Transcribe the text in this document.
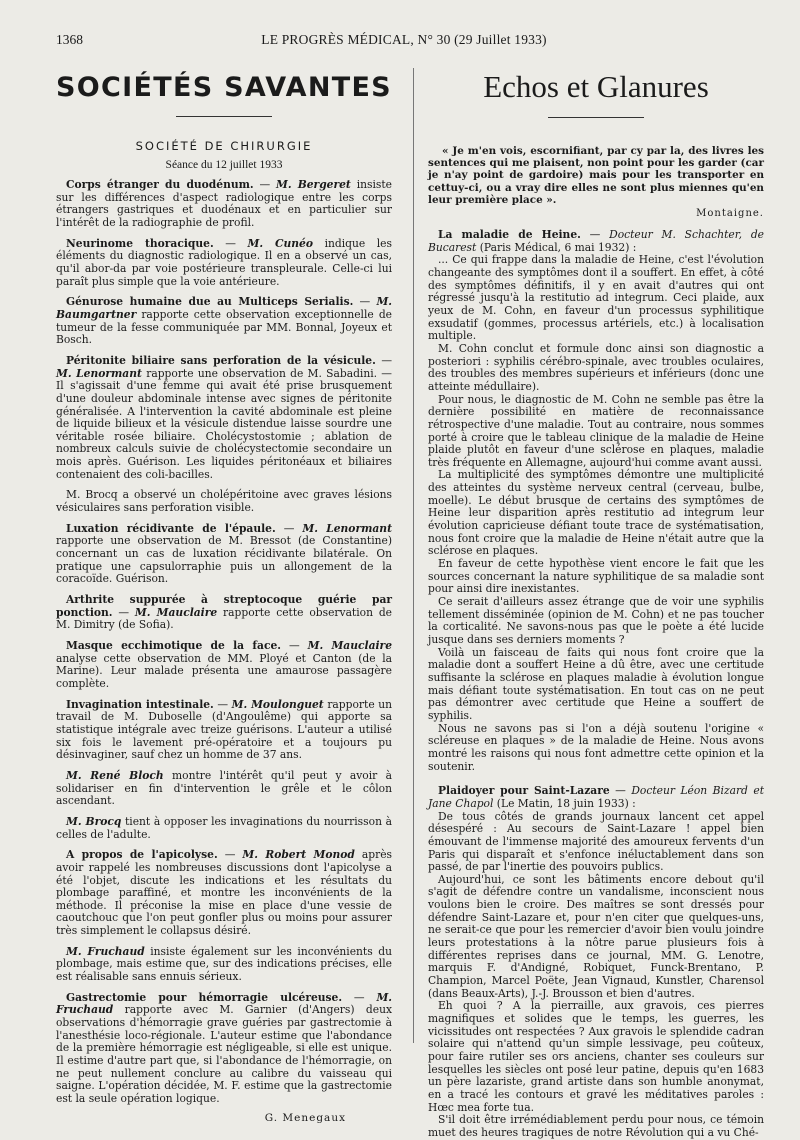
1368	LE PROGRÈS MÉDICAL, N° 30 (29 Juillet 1933)
SOCIÉTÉS SAVANTES
SOCIÉTÉ DE CHIRURGIE
Séance du 12 juillet 1933

Corps étranger du duodénum. — M. Bergeret insiste sur les différences d'aspect radiologique entre les corps étrangers gastriques et duodénaux et en particulier sur l'intérêt de la radiographie de profil.

Neurinome thoracique. — M. Cunéo indique les éléments du diagnostic radiologique. Il en a observé un cas, qu'il abor-da par voie postérieure transpleurale. Celle-ci lui paraît plus simple que la voie antérieure.

Génurose humaine due au Multiceps Serialis. — M. Baumgartner rapporte cette observation exceptionnelle de tumeur de la fesse communiquée par MM. Bonnal, Joyeux et Bosch.

Péritonite biliaire sans perforation de la vésicule. — M. Lenormant rapporte une observation de M. Sabadini. — Il s'agissait d'une femme qui avait été prise brusquement d'une douleur abdominale intense avec signes de péritonite généralisée. A l'intervention la cavité abdominale est pleine de liquide bilieux et la vésicule distendue laisse sourdre une véritable rosée biliaire. Cholécystostomie ; ablation de nombreux calculs suivie de cholécystectomie secondaire un mois après. Guérison. Les liquides péritonéaux et biliaires contenaient des coli-bacilles.

M. Brocq a observé un cholépéritoine avec graves lésions vésiculaires sans perforation visible.

Luxation récidivante de l'épaule. — M. Lenormant rapporte une observation de M. Bressot (de Constantine) concernant un cas de luxation récidivante bilatérale. On pratique une capsulorraphie puis un allongement de la coracoïde. Guérison.

Arthrite suppurée à streptocoque guérie par ponction. — M. Mauclaire rapporte cette observation de M. Dimitry (de Sofia).

Masque ecchimotique de la face. — M. Mauclaire analyse cette observation de MM. Ployé et Canton (de la Marine). Leur malade présenta une amaurose passagère complète.

Invagination intestinale. — M. Moulonguet rapporte un travail de M. Duboselle (d'Angoulême) qui apporte sa statistique intégrale avec treize guérisons. L'auteur a utilisé six fois le lavement pré-opératoire et a toujours pu désinvaginer, sauf chez un homme de 37 ans.

M. René Bloch montre l'intérêt qu'il peut y avoir à solidariser en fin d'intervention le grêle et le côlon ascendant.

M. Brocq tient à opposer les invaginations du nourrisson à celles de l'adulte.

A propos de l'apicolyse. — M. Robert Monod après avoir rappelé les nombreuses discussions dont l'apicolyse a été l'objet, discute les indications et les résultats du plombage paraffiné, et montre les inconvénients de la méthode. Il préconise la mise en place d'une vessie de caoutchouc que l'on peut gonfler plus ou moins pour assurer très simplement le collapsus désiré.

M. Fruchaud insiste également sur les inconvénients du plombage, mais estime que, sur des indications précises, elle est réalisable sans ennuis sérieux.

Gastrectomie pour hémorragie ulcéreuse. — M. Fruchaud rapporte avec M. Garnier (d'Angers) deux observations d'hémorragie grave guéries par gastrectomie à l'anesthésie loco-régionale. L'auteur estime que l'abondance de la première hémorragie est négligeable, si elle est unique. Il estime d'autre part que, si l'abondance de l'hémorragie, on ne peut nullement conclure au calibre du vaisseau qui saigne. L'opération décidée, M. F. estime que la gastrectomie est la seule opération logique.

G. Menegaux
Echos et Glanures

« Je m'en vois, escornifiant, par cy par la, des livres les sentences qui me plaisent, non point pour les garder (car je n'ay point de gardoire) mais pour les transporter en cettuy-ci, ou a vray dire elles ne sont plus miennes qu'en leur première place ».

Montaigne.

La maladie de Heine. — Docteur M. Schachter, de Bucarest (Paris Médical, 6 mai 1932) :

... Ce qui frappe dans la maladie de Heine, c'est l'évolution changeante des symptômes dont il a souffert. En effet, à côté des symptômes définitifs, il y en avait d'autres qui ont régressé jusqu'à la restitutio ad integrum. Ceci plaide, aux yeux de M. Cohn, en faveur d'un processus syphilitique exsudatif (gommes, processus artériels, etc.) à localisation multiple.

M. Cohn conclut et formule donc ainsi son diagnostic a posteriori : syphilis cérébro-spinale, avec troubles oculaires, des troubles des membres supérieurs et inférieurs (donc une atteinte médullaire).

Pour nous, le diagnostic de M. Cohn ne semble pas être la dernière possibilité en matière de reconnaissance rétrospective d'une maladie. Tout au contraire, nous sommes porté à croire que le tableau clinique de la maladie de Heine plaide plutôt en faveur d'une sclérose en plaques, maladie très fréquente en Allemagne, aujourd'hui comme avant aussi.

La multiplicité des symptômes démontre une multiplicité des atteintes du système nerveux central (cerveau, bulbe, moelle). Le début brusque de certains des symptômes de Heine leur disparition après restitutio ad integrum leur évolution capricieuse défiant toute trace de systématisation, nous font croire que la maladie de Heine n'était autre que la sclérose en plaques.

En faveur de cette hypothèse vient encore le fait que les sources concernant la nature syphilitique de sa maladie sont pour ainsi dire inexistantes.

Ce serait d'ailleurs assez étrange que de voir une syphilis tellement disséminée (opinion de M. Cohn) et ne pas toucher la corticalité. Ne savons-nous pas que le poète a été lucide jusque dans ses derniers moments ?

Voilà un faisceau de faits qui nous font croire que la maladie dont a souffert Heine a dû être, avec une certitude suffisante la sclérose en plaques maladie à évolution longue mais défiant toute systématisation. En tout cas on ne peut pas démontrer avec certitude que Heine a souffert de syphilis.

Nous ne savons pas si l'on a déjà soutenu l'origine « scléreuse en plaques » de la maladie de Heine. Nous avons montré les raisons qui nous font admettre cette opinion et la soutenir.

Plaidoyer pour Saint-Lazare — Docteur Léon Bizard et Jane Chapol (Le Matin, 18 juin 1933) :

De tous côtés de grands journaux lancent cet appel désespéré : Au secours de Saint-Lazare ! appel bien émouvant de l'immense majorité des amoureux fervents d'un Paris qui disparaît et s'enfonce inéluctablement dans son passé, de par l'inertie des pouvoirs publics.

Aujourd'hui, ce sont les bâtiments encore debout qu'il s'agit de défendre contre un vandalisme, inconscient nous voulons bien le croire. Des maîtres se sont dressés pour défendre Saint-Lazare et, pour n'en citer que quelques-uns, ne serait-ce que pour les remercier d'avoir bien voulu joindre leurs protestations à la nôtre parue plusieurs fois à différentes reprises dans ce journal, MM. G. Lenotre, marquis F. d'Andigné, Robiquet, Funck-Brentano, P. Champion, Marcel Poëte, Jean Vignaud, Kunstler, Charensol (dans Beaux-Arts), J.-J. Brousson et bien d'autres.

Eh quoi ? A la pierraille, aux gravois, ces pierres magnifiques et solides que le temps, les guerres, les vicissitudes ont respectées ? Aux gravois le splendide cadran solaire qui n'attend qu'un simple lessivage, peu coûteux, pour faire rutiler ses ors anciens, chanter ses couleurs sur lesquelles les siècles ont posé leur patine, depuis qu'en 1683 un père lazariste, grand artiste dans son humble anonymat, en a tracé les contours et gravé les méditatives paroles : Hœc mea forte tua.

S'il doit être irrémédiablement perdu pour nous, ce témoin muet des heures tragiques de notre Révolution qui a vu Ché-
